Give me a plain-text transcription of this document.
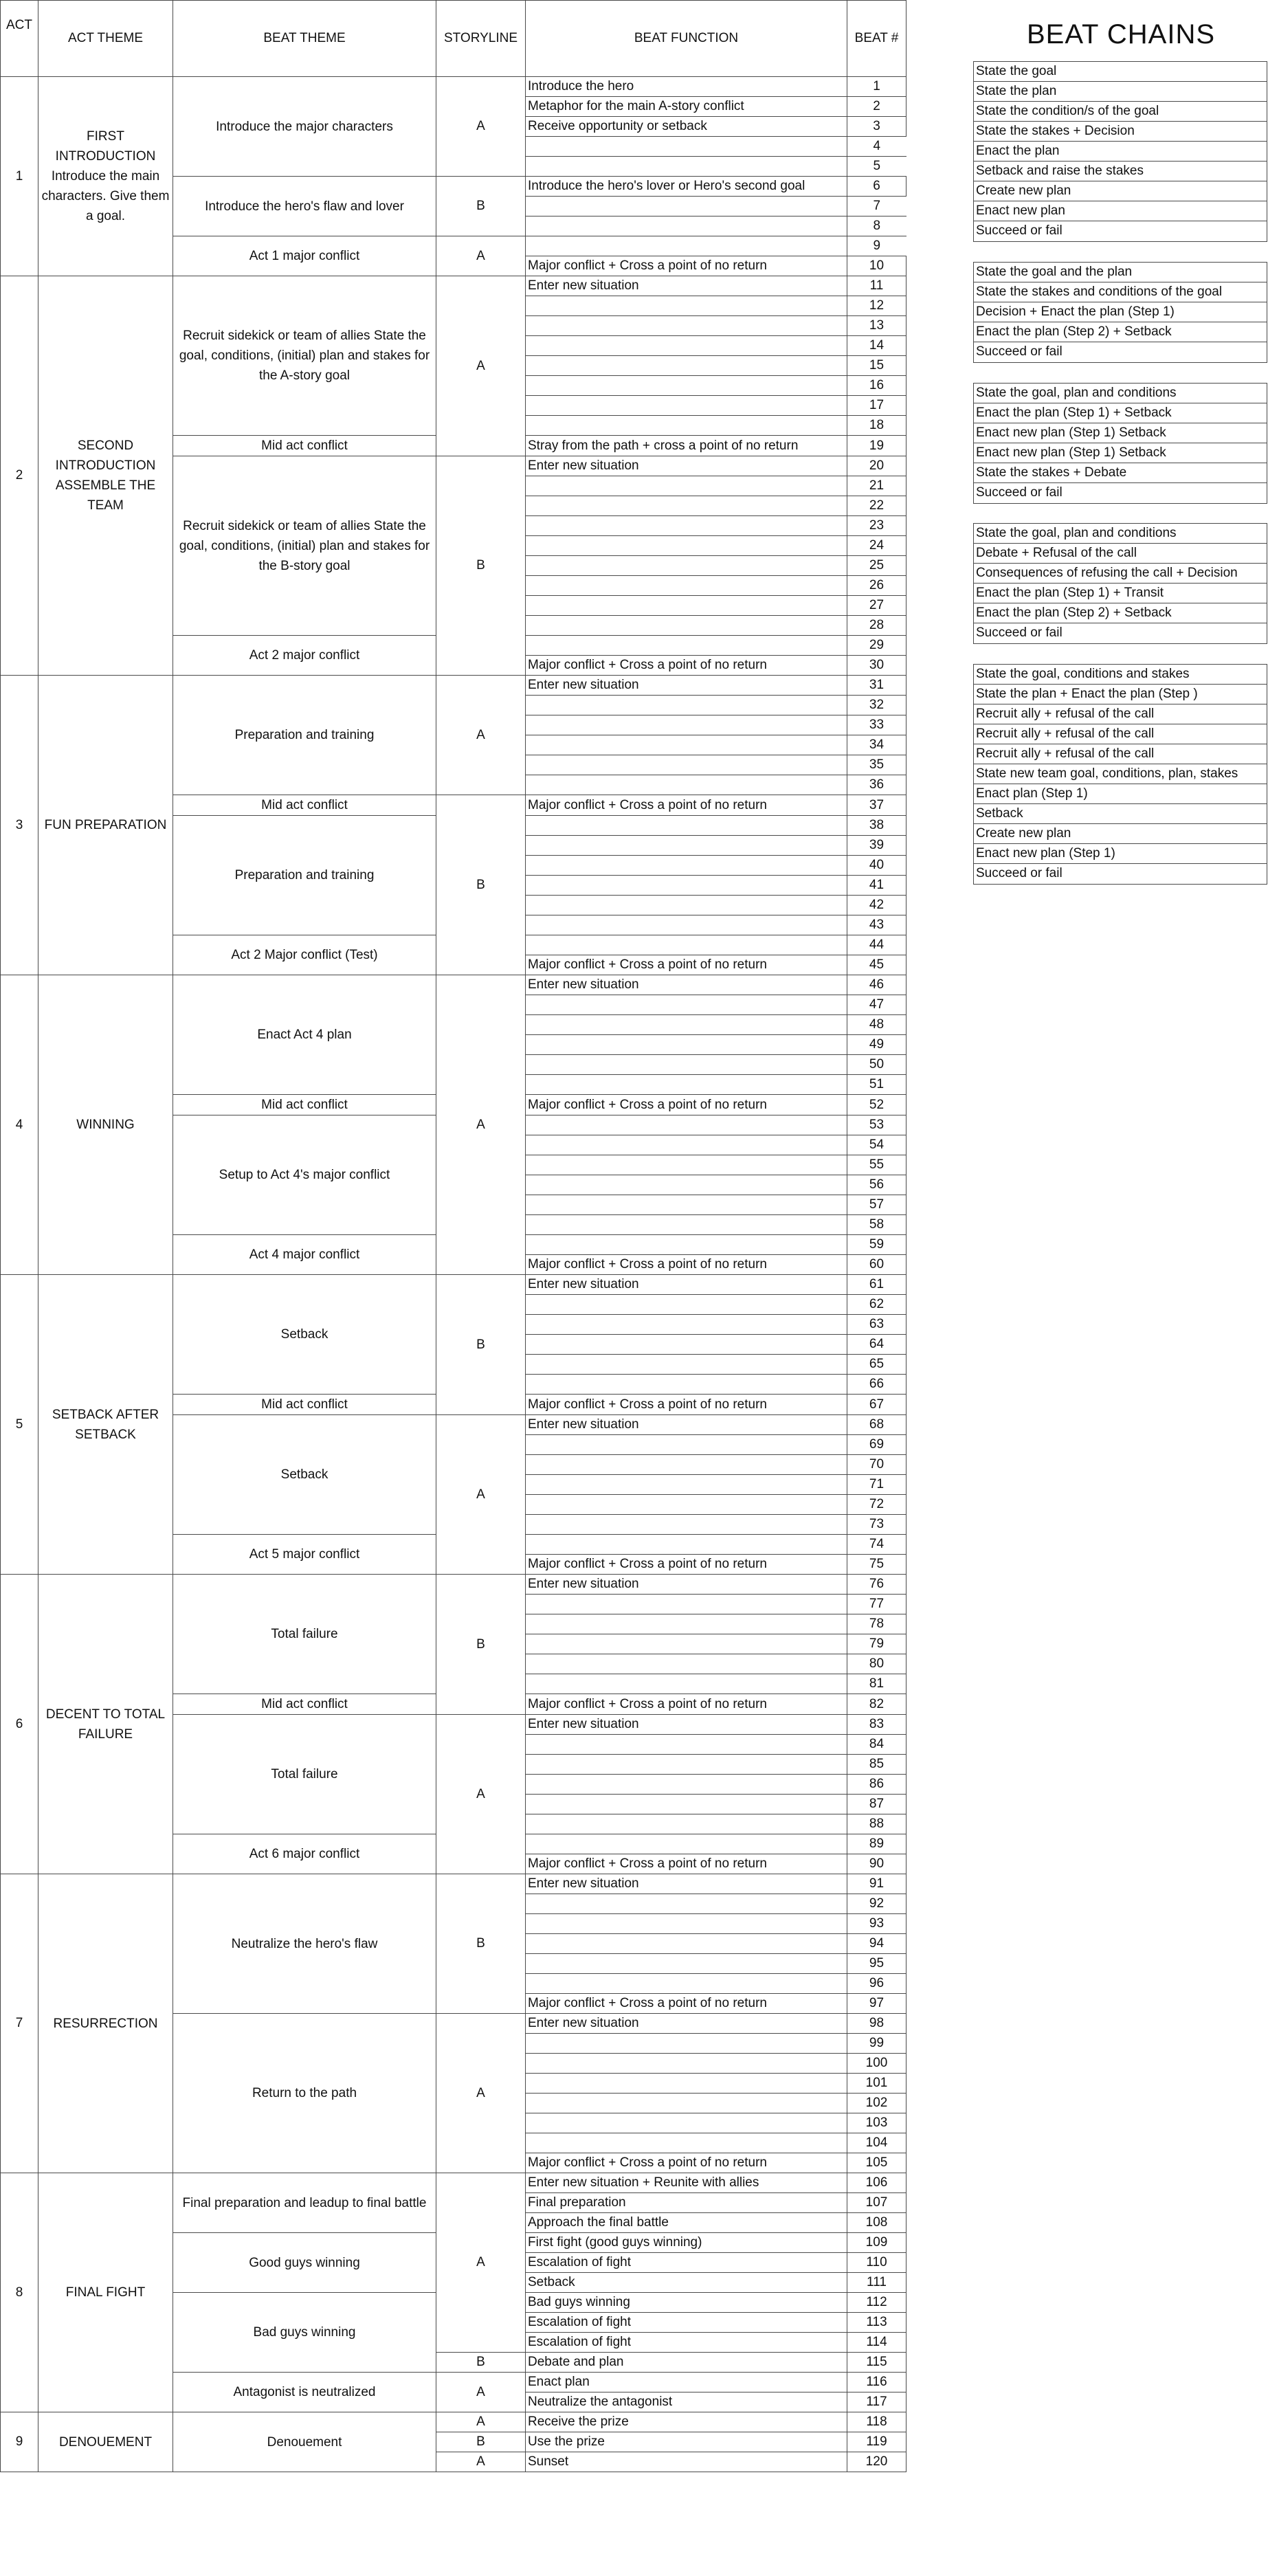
ACT	ACT THEME	BEAT THEME	STORYLINE	BEAT FUNCTION	BEAT #
1	FIRST INTRODUCTION Introduce the main characters. Give them a goal.	Introduce the major characters	A	Introduce the hero	1
				Metaphor for the main A-story conflict	2
				Receive opportunity or setback	3
					4
					5
		Introduce the hero's flaw and lover	B	Introduce the hero's lover or Hero's second goal	6
					7
					8
		Act 1 major conflict	A		9
				Major conflict + Cross a point of no return	10
2	SECOND INTRODUCTION ASSEMBLE THE TEAM	Recruit sidekick or team of allies State the goal, conditions, (initial) plan and stakes for the A-story goal	A	Enter new situation	11
					12
					13
					14
					15
					16
					17
					18
		Mid act conflict		Stray from the path + cross a point of no return	19
		Recruit sidekick or team of allies State the goal, conditions, (initial) plan and stakes for the B-story goal	B	Enter new situation	20
					21
					22
					23
					24
					25
					26
					27
					28
		Act 2 major conflict			29
				Major conflict + Cross a point of no return	30
3	FUN PREPARATION	Preparation and training	A	Enter new situation	31
					32
					33
					34
					35
					36
		Mid act conflict	B	Major conflict + Cross a point of no return	37
		Preparation and training			38
					39
					40
					41
					42
					43
		Act 2 Major conflict (Test)			44
				Major conflict + Cross a point of no return	45
4	WINNING	Enact Act 4 plan	A	Enter new situation	46
					47
					48
					49
					50
					51
		Mid act conflict		Major conflict + Cross a point of no return	52
		Setup to Act 4's major conflict			53
					54
					55
					56
					57
					58
		Act 4 major conflict			59
				Major conflict + Cross a point of no return	60
5	SETBACK AFTER SETBACK	Setback	B	Enter new situation	61
					62
					63
					64
					65
					66
		Mid act conflict		Major conflict + Cross a point of no return	67
		Setback	A	Enter new situation	68
					69
					70
					71
					72
					73
		Act 5 major conflict			74
				Major conflict + Cross a point of no return	75
6	DECENT TO TOTAL FAILURE	Total failure	B	Enter new situation	76
					77
					78
					79
					80
					81
		Mid act conflict		Major conflict + Cross a point of no return	82
		Total failure	A	Enter new situation	83
					84
					85
					86
					87
					88
		Act 6 major conflict			89
				Major conflict + Cross a point of no return	90
7	RESURRECTION	Neutralize the hero's flaw	B	Enter new situation	91
					92
					93
					94
					95
					96
				Major conflict + Cross a point of no return	97
		Return to the path	A	Enter new situation	98
					99
					100
					101
					102
					103
					104
				Major conflict + Cross a point of no return	105
8	FINAL FIGHT	Final preparation and leadup to final battle	A	Enter new situation + Reunite with allies	106
				Final preparation	107
				Approach the final battle	108
		Good guys winning		First fight (good guys winning)	109
				Escalation of fight	110
				Setback	111
		Bad guys winning		Bad guys winning	112
				Escalation of fight	113
				Escalation of fight	114
			B	Debate and plan	115
		Antagonist is neutralized	A	Enact plan	116
				Neutralize the antagonist	117
9	DENOUEMENT	Denouement	A	Receive the prize	118
			B	Use the prize	119
			A	Sunset	120
BEAT CHAINS
State the goal
State the plan
State the condition/s of the goal
State the stakes + Decision
Enact the plan
Setback and raise the stakes
Create new plan
Enact new plan
Succeed or fail
State the goal and the plan
State the stakes and conditions of the goal
Decision + Enact the plan (Step 1)
Enact the plan (Step 2) + Setback
Succeed or fail
State the goal, plan and conditions
Enact the plan (Step 1) + Setback
Enact new plan (Step 1) Setback
Enact new plan (Step 1) Setback
State the stakes + Debate
Succeed or fail
State the goal, plan and conditions
Debate + Refusal of the call
Consequences of refusing the call + Decision
Enact the plan (Step 1) + Transit
Enact the plan (Step 2) + Setback
Succeed or fail
State the goal, conditions and stakes
State the plan + Enact the plan (Step )
Recruit ally + refusal of the call
Recruit ally + refusal of the call
Recruit ally + refusal of the call
State new team goal, conditions, plan, stakes
Enact plan (Step 1)
Setback
Create new plan
Enact new plan (Step 1)
Succeed or fail
